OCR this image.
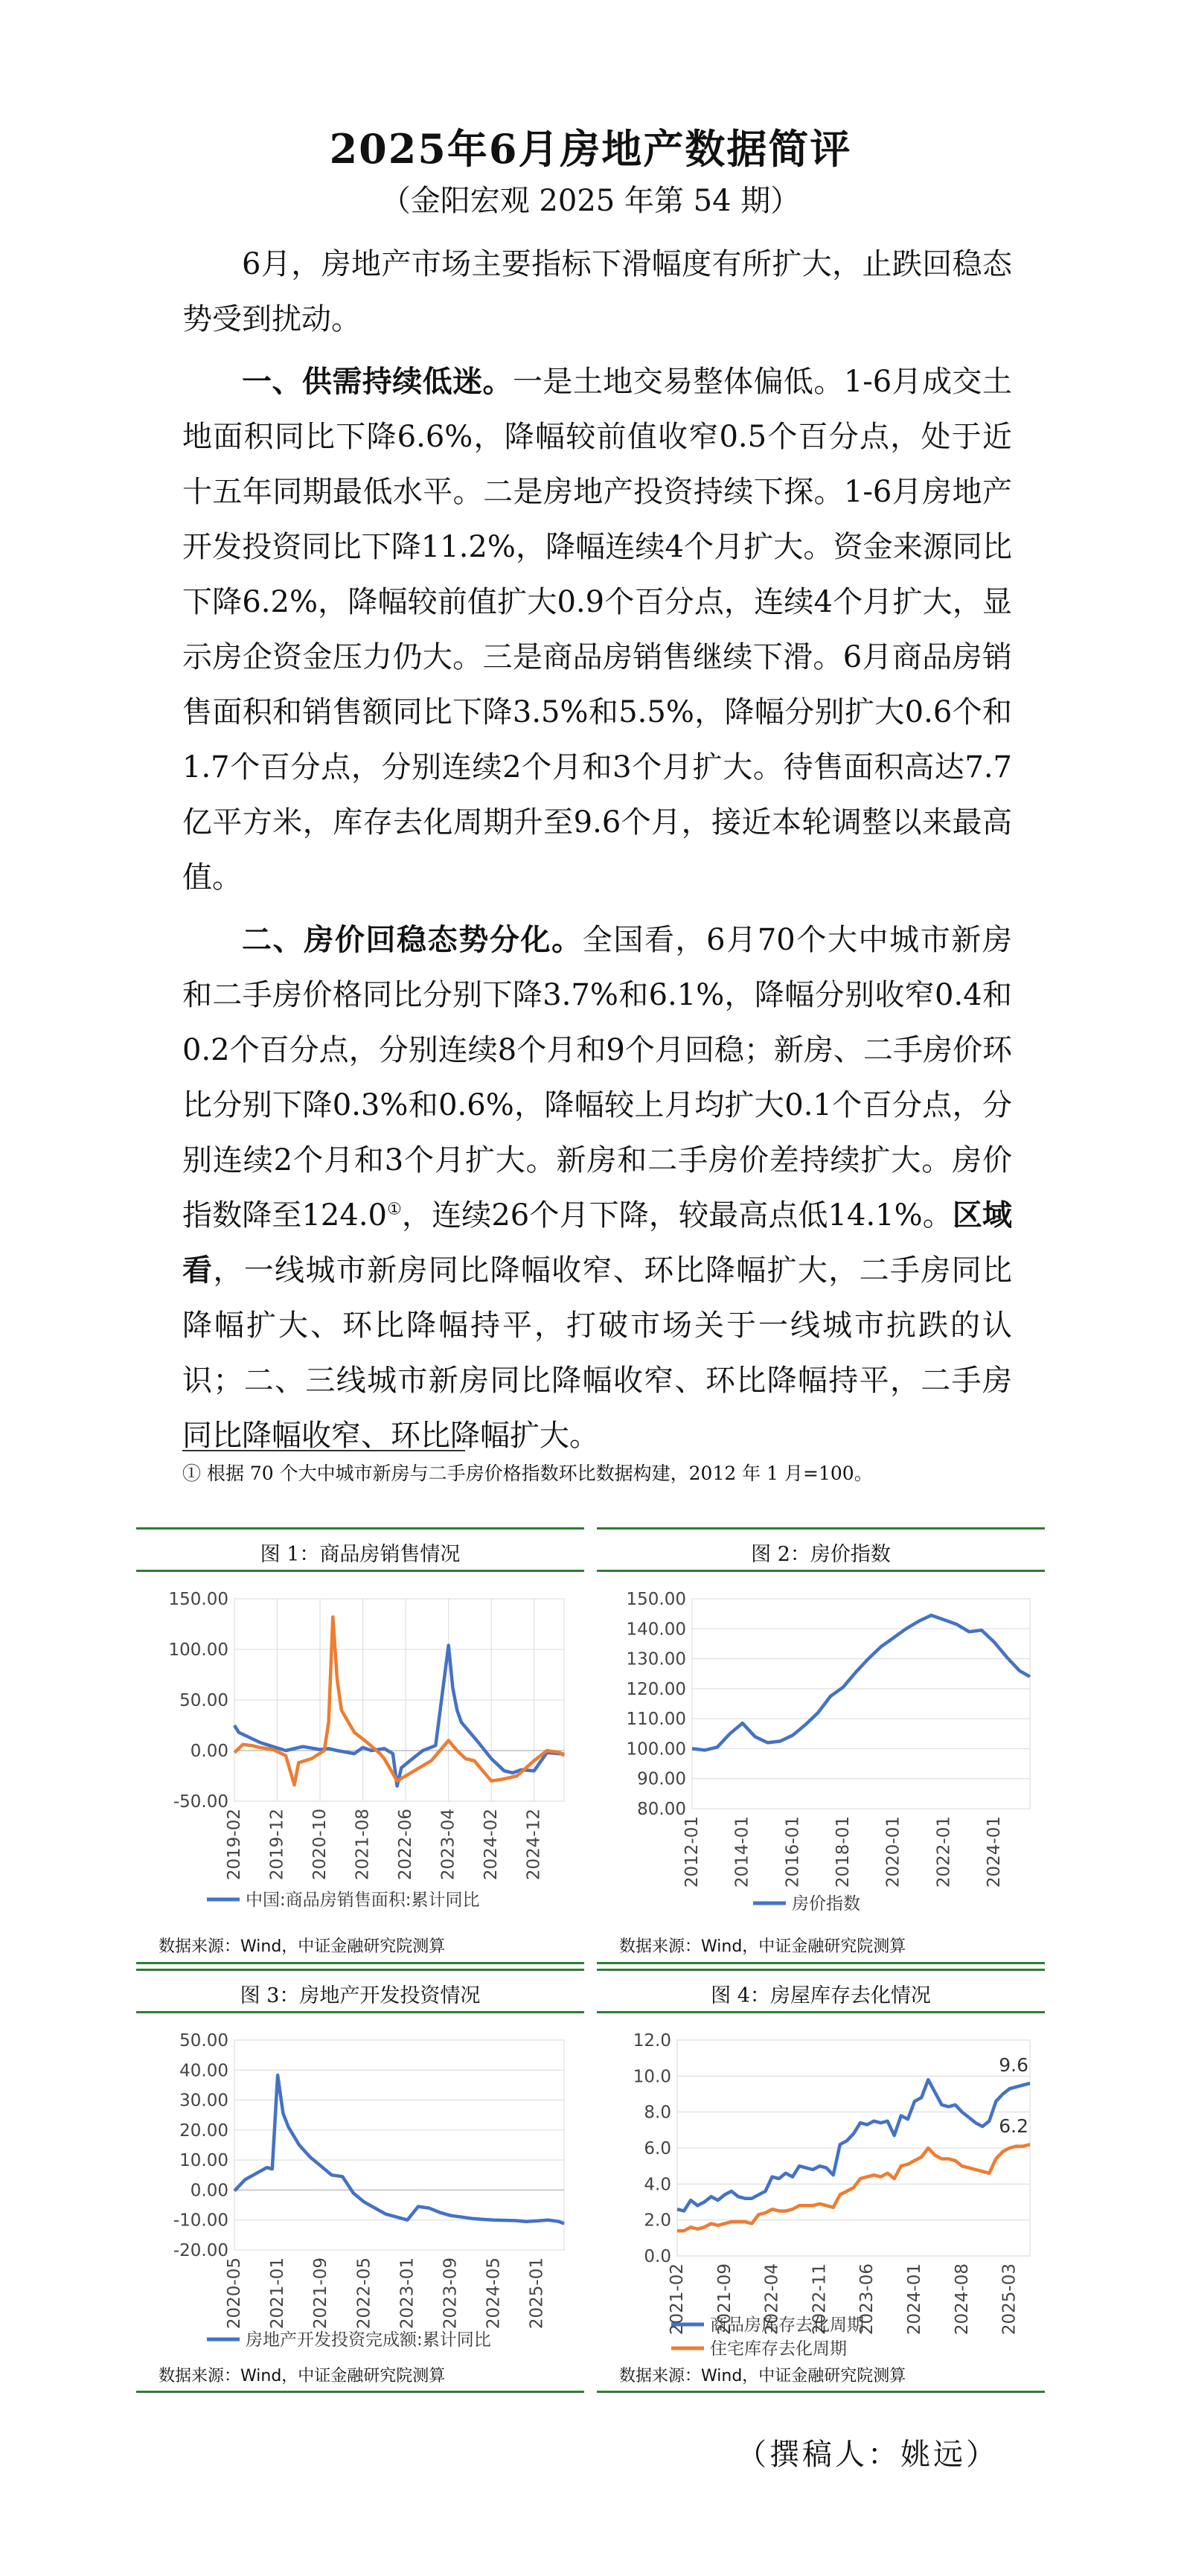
2025年6月房地产数据简评
（金阳宏观 2025 年第 54 期）

6月，房地产市场主要指标下滑幅度有所扩大，止跌回稳态势受到扰动。

一、供需持续低迷。一是土地交易整体偏低。1-6月成交土地面积同比下降6.6%，降幅较前值收窄0.5个百分点，处于近十五年同期最低水平。二是房地产投资持续下探。1-6月房地产开发投资同比下降11.2%，降幅连续4个月扩大。资金来源同比下降6.2%，降幅较前值扩大0.9个百分点，连续4个月扩大，显示房企资金压力仍大。三是商品房销售继续下滑。6月商品房销售面积和销售额同比下降3.5%和5.5%，降幅分别扩大0.6个和1.7个百分点，分别连续2个月和3个月扩大。待售面积高达7.7亿平方米，库存去化周期升至9.6个月，接近本轮调整以来最高值。

二、房价回稳态势分化。全国看，6月70个大中城市新房和二手房价格同比分别下降3.7%和6.1%，降幅分别收窄0.4和0.2个百分点，分别连续8个月和9个月回稳；新房、二手房价环比分别下降0.3%和0.6%，降幅较上月均扩大0.1个百分点，分别连续2个月和3个月扩大。新房和二手房价差持续扩大。房价指数降至124.0①，连续26个月下降，较最高点低14.1%。区域看，一线城市新房同比降幅收窄、环比降幅扩大，二手房同比降幅扩大、环比降幅持平，打破市场关于一线城市抗跌的认识；二、三线城市新房同比降幅收窄、环比降幅持平，二手房同比降幅收窄、环比降幅扩大。

① 根据 70 个大中城市新房与二手房价格指数环比数据构建，2012 年 1 月=100。
图 1：商品房销售情况
150.00
100.00
50.00
0.00
-50.00
2019-02 2019-12 2020-10 2021-08 2022-06 2023-04 2024-02 2024-12
中国:商品房销售面积:累计同比
数据来源：Wind，中证金融研究院测算
图 2：房价指数
150.00
140.00
130.00
120.00
110.00
100.00
90.00
80.00
2012-01 2014-01 2016-01 2018-01 2020-01 2022-01 2024-01
房价指数
数据来源：Wind，中证金融研究院测算
图 3：房地产开发投资情况
50.00
40.00
30.00
20.00
10.00
0.00
-10.00
-20.00
2020-05 2021-01 2021-09 2022-05 2023-01 2023-09 2024-05 2025-01
房地产开发投资完成额:累计同比
数据来源：Wind，中证金融研究院测算
图 4：房屋库存去化情况
12.0
10.0
8.0
6.0
4.0
2.0
0.0
2021-02 2021-09 2022-04 2022-11 2023-06 2024-01 2024-08 2025-03
9.6
6.2
商品房库存去化周期
住宅库存去化周期
数据来源：Wind，中证金融研究院测算
（撰稿人：姚远）
